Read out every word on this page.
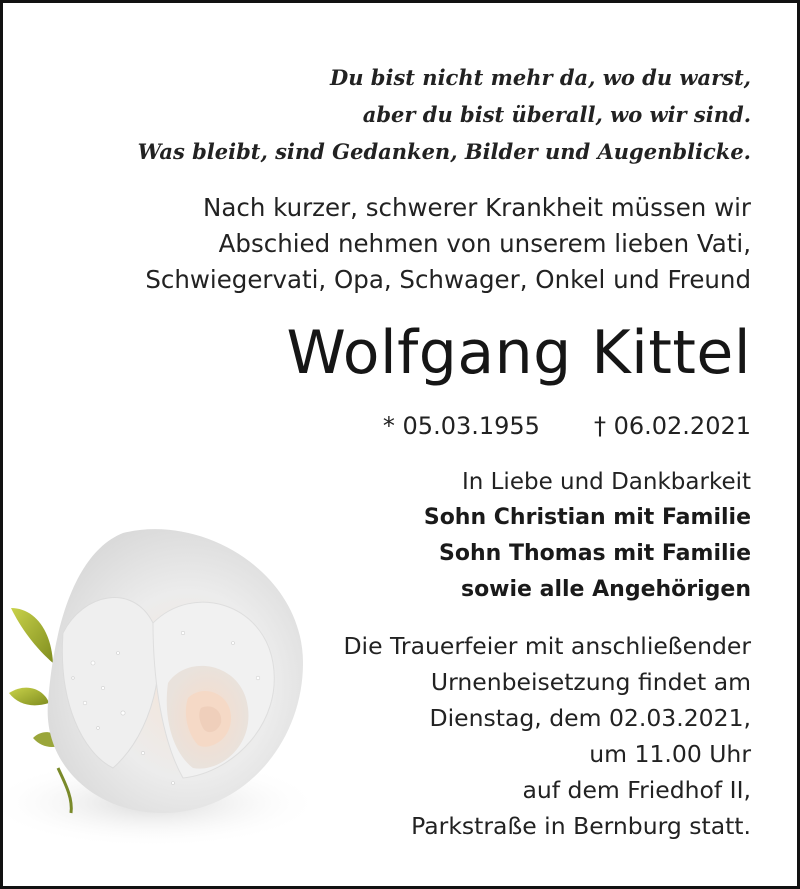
Du bist nicht mehr da, wo du warst,

aber du bist überall, wo wir sind.

Was bleibt, sind Gedanken, Bilder und Augenblicke.

Nach kurzer, schwerer Krankheit müssen wir

Abschied nehmen von unserem lieben Vati,

Schwiegervati, Opa, Schwager, Onkel und Freund

Wolfgang Kittel

* 05.03.1955 † 06.02.2021

In Liebe und Dankbarkeit

Sohn Christian mit Familie

Sohn Thomas mit Familie

sowie alle Angehörigen

Die Trauerfeier mit anschließender

Urnenbeisetzung findet am

Dienstag, dem 02.03.2021,

um 11.00 Uhr

auf dem Friedhof II,

Parkstraße in Bernburg statt.
